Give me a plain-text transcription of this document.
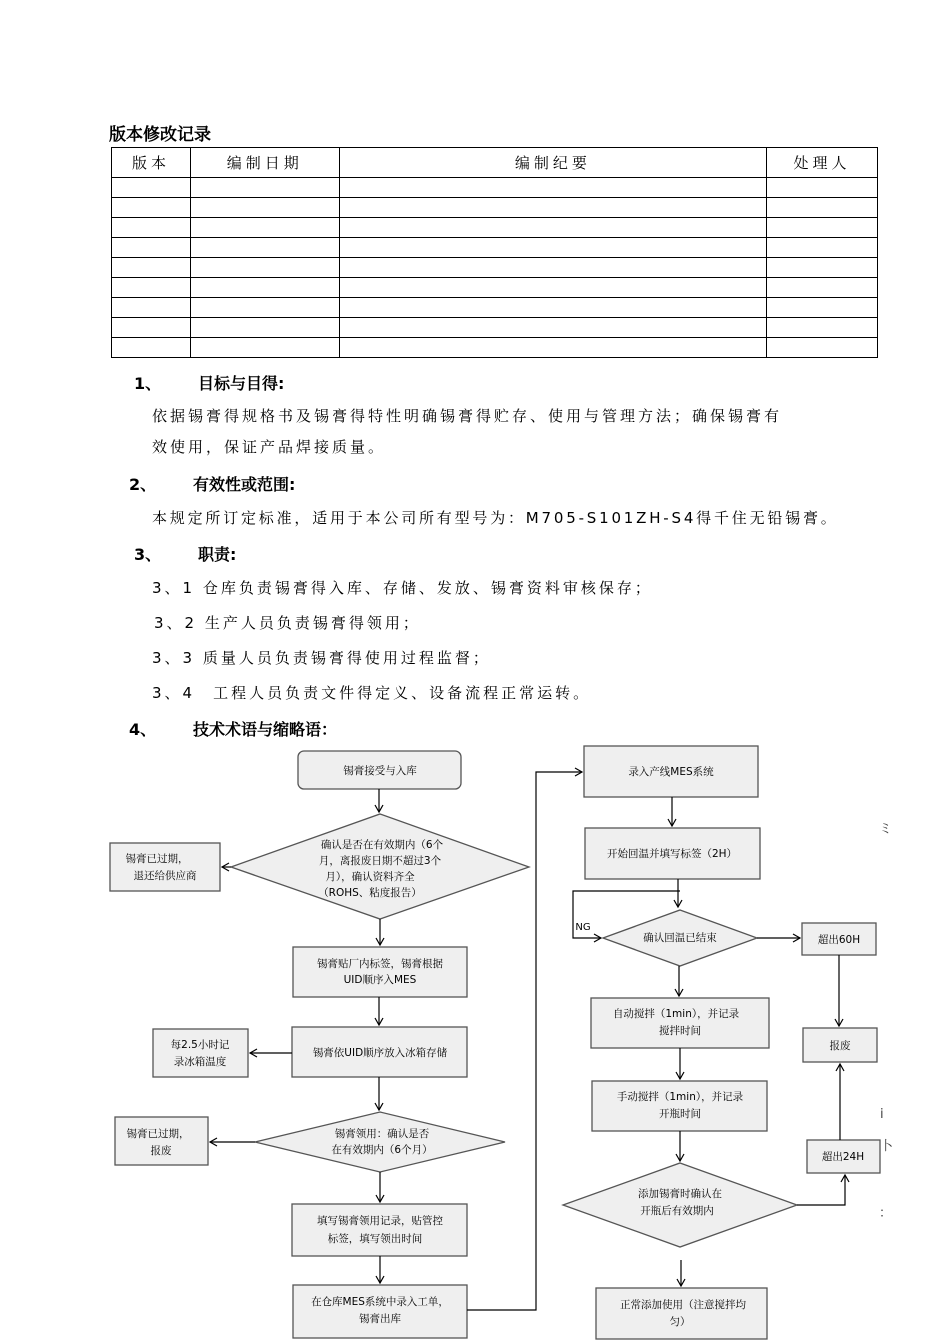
版本修改记录
版本	编制日期	编制纪要	处理人

1、 目标与目得:
依据锡膏得规格书及锡膏得特性明确锡膏得贮存、使用与管理方法；确保锡膏有
效使用，保证产品焊接质量。
2、 有效性或范围:
本规定所订定标准，适用于本公司所有型号为：M705-S101ZH-S4得千住无铅锡膏。
3、 职责:
3、1 仓库负责锡膏得入库、存储、发放、锡膏资料审核保存；
3、2 生产人员负责锡膏得领用；
3、3 质量人员负责锡膏得使用过程监督；
3、4　工程人员负责文件得定义、设备流程正常运转。
4、 技术术语与缩略语：
锡膏接受与入库
确认是否在有效期内（6个
月，离报废日期不超过3个
月），确认资料齐全
（ROHS、粘度报告）
锡膏已过期，
退还给供应商
锡膏贴厂内标签，锡膏根据
UID顺序入MES
锡膏依UID顺序放入冰箱存储
每2.5小时记
录冰箱温度
锡膏领用：确认是否
在有效期内（6个月）
锡膏已过期，
报废
填写锡膏领用记录，贴管控
标签，填写领出时间
在仓库MES系统中录入工单，
锡膏出库
录入产线MES系统
开始回温并填写标签（2H）
确认回温已结束
NG
超出60H
自动搅拌（1min），并记录
搅拌时间
报废
手动搅拌（1min），并记录
开瓶时间
超出24H
添加锡膏时确认在
开瓶后有效期内
正常添加使用（注意搅拌均
匀）
ミ
i
卜
：
